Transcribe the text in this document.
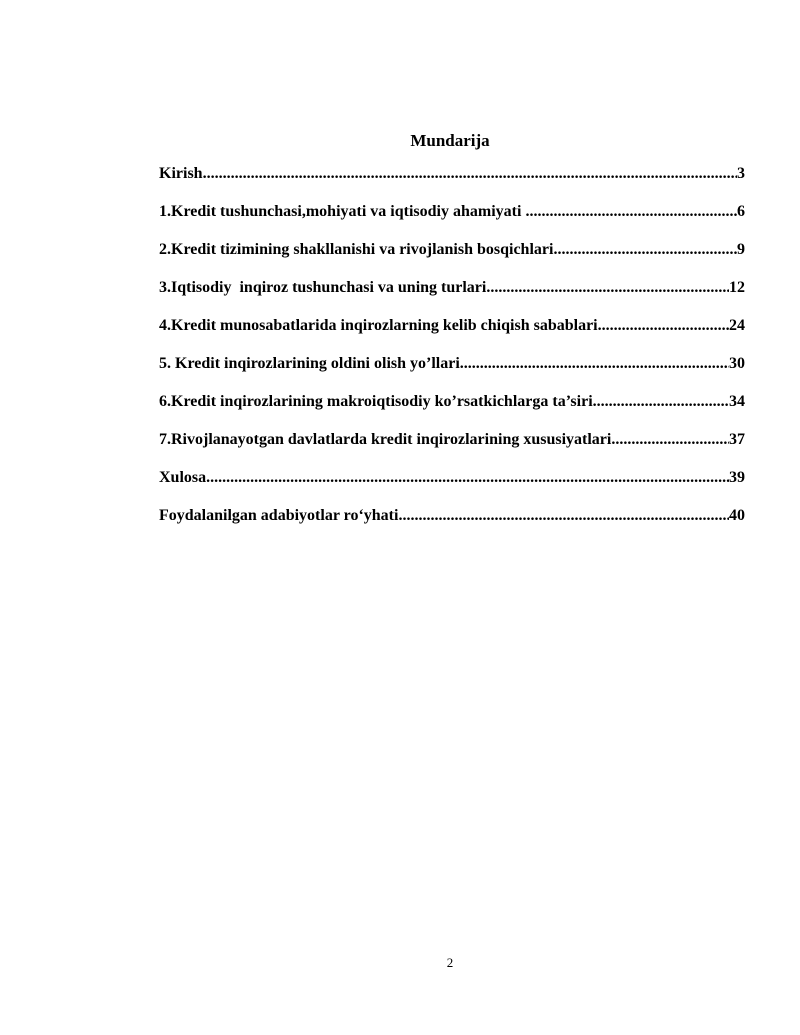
Mundarija
Kirish .....	3
1.Kredit tushunchasi,mohiyati va iqtisodiy ahamiyati .....	6
2.Kredit tizimining shakllanishi va rivojlanish bosqichlari .....	9
3.Iqtisodiy  inqiroz tushunchasi va uning turlari .....	12
4.Kredit munosabatlarida inqirozlarning kelib chiqish sabablari .....	24
5. Kredit inqirozlarining oldini olish yo’llari .....	30
6.Kredit inqirozlarining makroiqtisodiy ko’rsatkichlarga ta’siri .....	34
7.Rivojlanayotgan davlatlarda kredit inqirozlarining xususiyatlari .....	37
Xulosa .....	39
Foydalanilgan adabiyotlar ro‘yhati .....	40
2
